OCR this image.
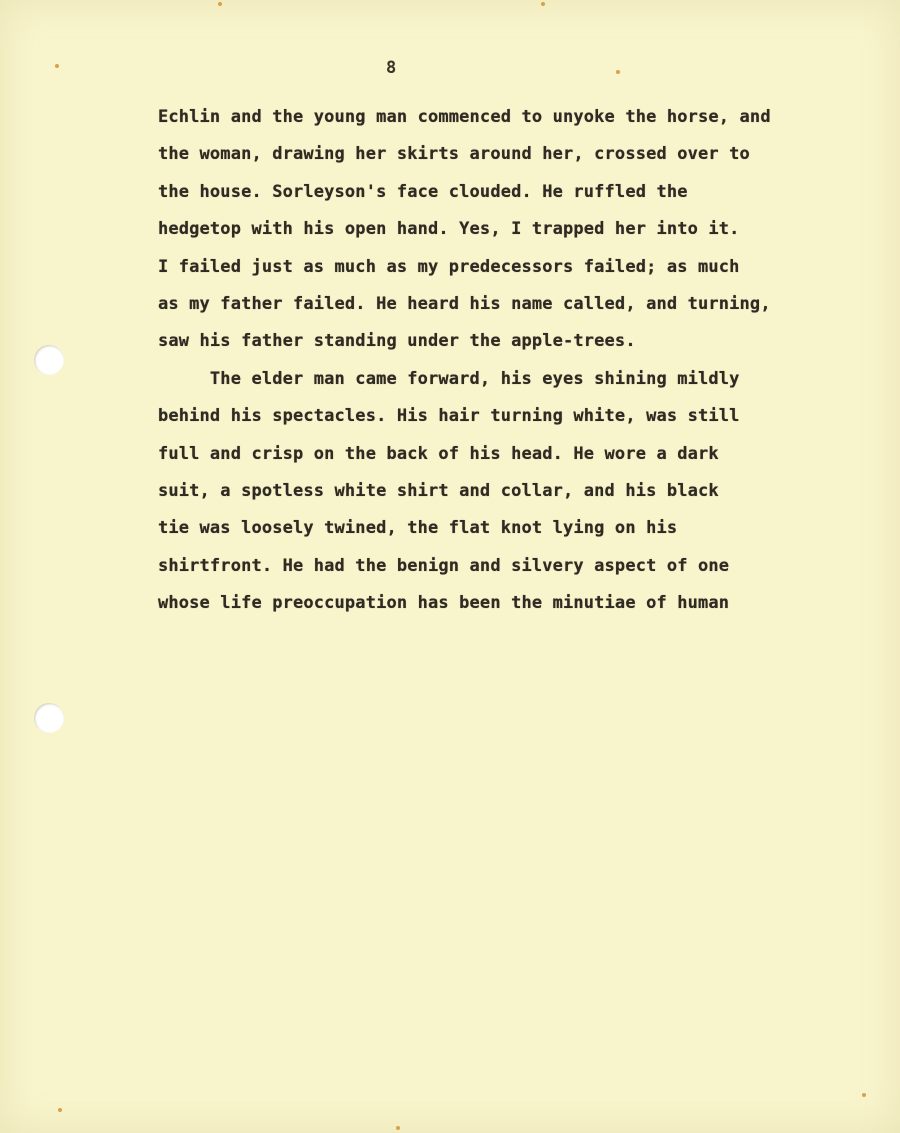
8
Echlin and the young man commenced to unyoke the horse, and
the woman, drawing her skirts around her, crossed over to
the house. Sorleyson's face clouded. He ruffled the
hedgetop with his open hand. Yes, I trapped her into it.
I failed just as much as my predecessors failed; as much
as my father failed. He heard his name called, and turning,
saw his father standing under the apple-trees.
The elder man came forward, his eyes shining mildly
behind his spectacles. His hair turning white, was still
full and crisp on the back of his head. He wore a dark
suit, a spotless white shirt and collar, and his black
tie was loosely twined, the flat knot lying on his
shirtfront. He had the benign and silvery aspect of one
whose life preoccupation has been the minutiae of human
